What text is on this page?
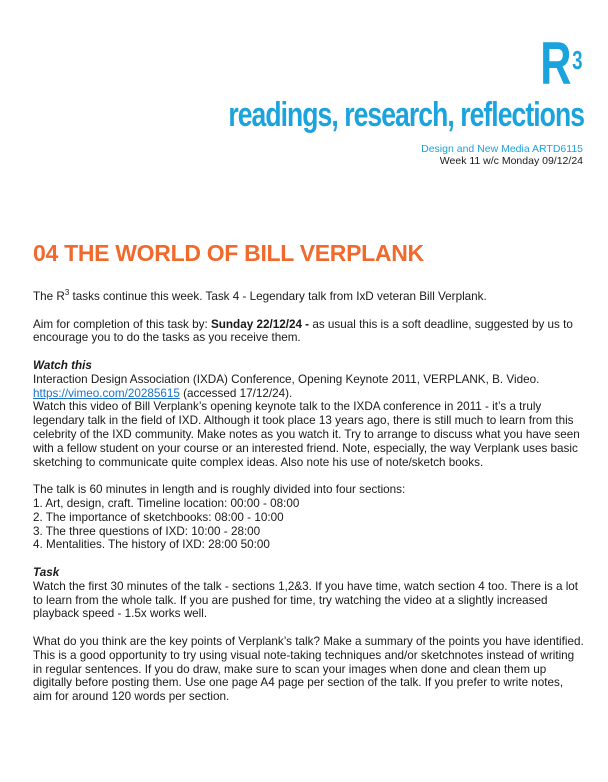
$R^3$
readings, research, reflections
Design and New Media ARTD6115
Week 11 w/c Monday 09/12/24
04 THE WORLD OF BILL VERPLANK

The $R^3$ tasks continue this week. Task 4 - Legendary talk from IxD veteran Bill Verplank.

Aim for completion of this task by: Sunday 22/12/24 - as usual this is a soft deadline, suggested by us to encourage you to do the tasks as you receive them.

Watch this

Interaction Design Association (IXDA) Conference, Opening Keynote 2011, VERPLANK, B. Video.

https://vimeo.com/20285615 (accessed 17/12/24).

Watch this video of Bill Verplank’s opening keynote talk to the IXDA conference in 2011 - it’s a truly legendary talk in the field of IXD. Although it took place 13 years ago, there is still much to learn from this celebrity of the IXD community. Make notes as you watch it. Try to arrange to discuss what you have seen with a fellow student on your course or an interested friend. Note, especially, the way Verplank uses basic sketching to communicate quite complex ideas. Also note his use of note/sketch books.

The talk is 60 minutes in length and is roughly divided into four sections:

1. Art, design, craft. Timeline location: 00:00 - 08:00

2. The importance of sketchbooks: 08:00 - 10:00

3. The three questions of IXD: 10:00 - 28:00

4. Mentalities. The history of IXD: 28:00 50:00

Task

Watch the first 30 minutes of the talk - sections 1,2&3. If you have time, watch section 4 too. There is a lot to learn from the whole talk. If you are pushed for time, try watching the video at a slightly increased playback speed - 1.5x works well.

What do you think are the key points of Verplank’s talk? Make a summary of the points you have identified. This is a good opportunity to try using visual note-taking techniques and/or sketchnotes instead of writing in regular sentences. If you do draw, make sure to scan your images when done and clean them up digitally before posting them. Use one page A4 page per section of the talk. If you prefer to write notes, aim for around 120 words per section.
